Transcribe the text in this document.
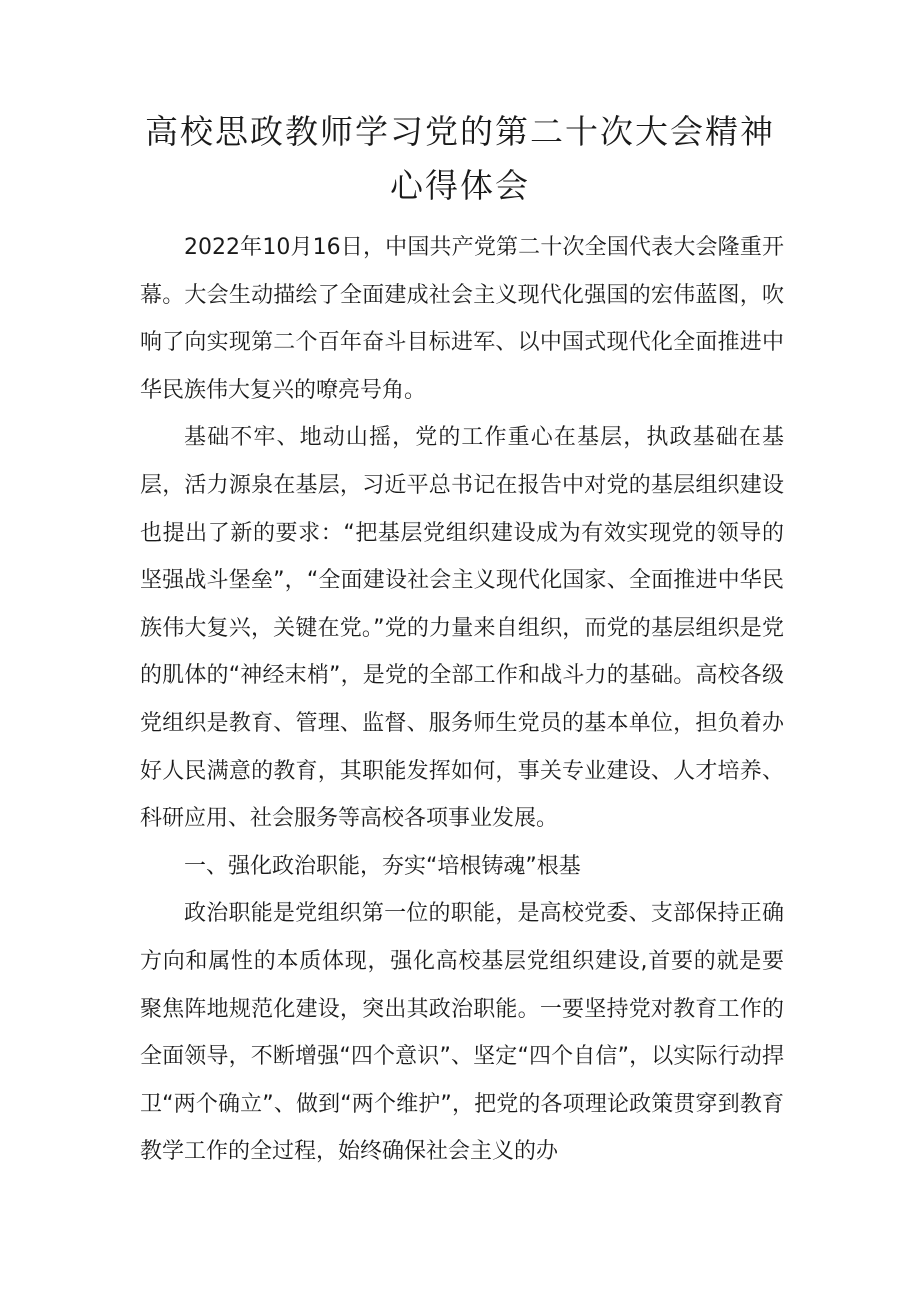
高校思政教师学习党的第二十次大会精神
心得体会

2022年10月16日，中国共产党第二十次全国代表大会隆重开幕。大会生动描绘了全面建成社会主义现代化强国的宏伟蓝图，吹响了向实现第二个百年奋斗目标进军、以中国式现代化全面推进中华民族伟大复兴的嘹亮号角。

基础不牢、地动山摇，党的工作重心在基层，执政基础在基层，活力源泉在基层，习近平总书记在报告中对党的基层组织建设也提出了新的要求：“把基层党组织建设成为有效实现党的领导的坚强战斗堡垒”，“全面建设社会主义现代化国家、全面推进中华民族伟大复兴，关键在党。”党的力量来自组织，而党的基层组织是党的肌体的“神经末梢”，是党的全部工作和战斗力的基础。高校各级党组织是教育、管理、监督、服务师生党员的基本单位，担负着办好人民满意的教育，其职能发挥如何，事关专业建设、人才培养、科研应用、社会服务等高校各项事业发展。

一、强化政治职能，夯实“培根铸魂”根基

政治职能是党组织第一位的职能，是高校党委、支部保持正确方向和属性的本质体现，强化高校基层党组织建设,首要的就是要聚焦阵地规范化建设，突出其政治职能。一要坚持党对教育工作的全面领导，不断增强“四个意识”、坚定“四个自信”，以实际行动捍卫“两个确立”、做到“两个维护”，把党的各项理论政策贯穿到教育教学工作的全过程，始终确保社会主义的办
